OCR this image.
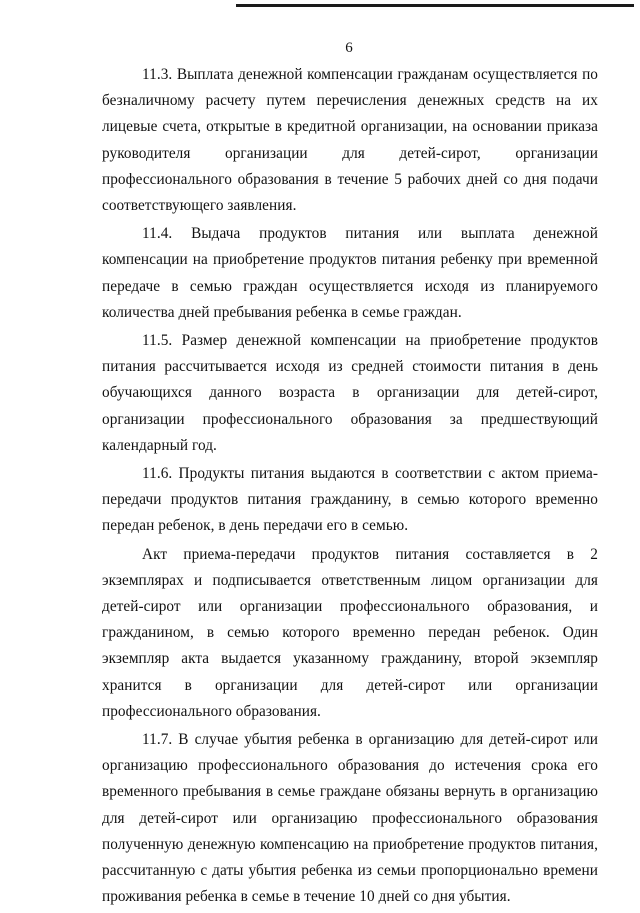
6

11.3. Выплата денежной компенсации гражданам осуществляется по безналичному расчету путем перечисления денежных средств на их лицевые счета, открытые в кредитной организации, на основании приказа руководителя организации для детей-сирот, организации профессионального образования в течение 5 рабочих дней со дня подачи соответствующего заявления.

11.4. Выдача продуктов питания или выплата денежной компенсации на приобретение продуктов питания ребенку при временной передаче в семью граждан осуществляется исходя из планируемого количества дней пребывания ребенка в семье граждан.

11.5. Размер денежной компенсации на приобретение продуктов питания рассчитывается исходя из средней стоимости питания в день обучающихся данного возраста в организации для детей-сирот, организации профессионального образования за предшествующий календарный год.

11.6. Продукты питания выдаются в соответствии с актом приема-передачи продуктов питания гражданину, в семью которого временно передан ребенок, в день передачи его в семью.

Акт приема-передачи продуктов питания составляется в 2 экземплярах и подписывается ответственным лицом организации для детей-сирот или организации профессионального образования, и гражданином, в семью которого временно передан ребенок. Один экземпляр акта выдается указанному гражданину, второй экземпляр хранится в организации для детей-сирот или организации профессионального образования.

11.7. В случае убытия ребенка в организацию для детей-сирот или организацию профессионального образования до истечения срока его временного пребывания в семье граждане обязаны вернуть в организацию для детей-сирот или организацию профессионального образования полученную денежную компенсацию на приобретение продуктов питания, рассчитанную с даты убытия ребенка из семьи пропорционально времени проживания ребенка в семье в течение 10 дней со дня убытия.
